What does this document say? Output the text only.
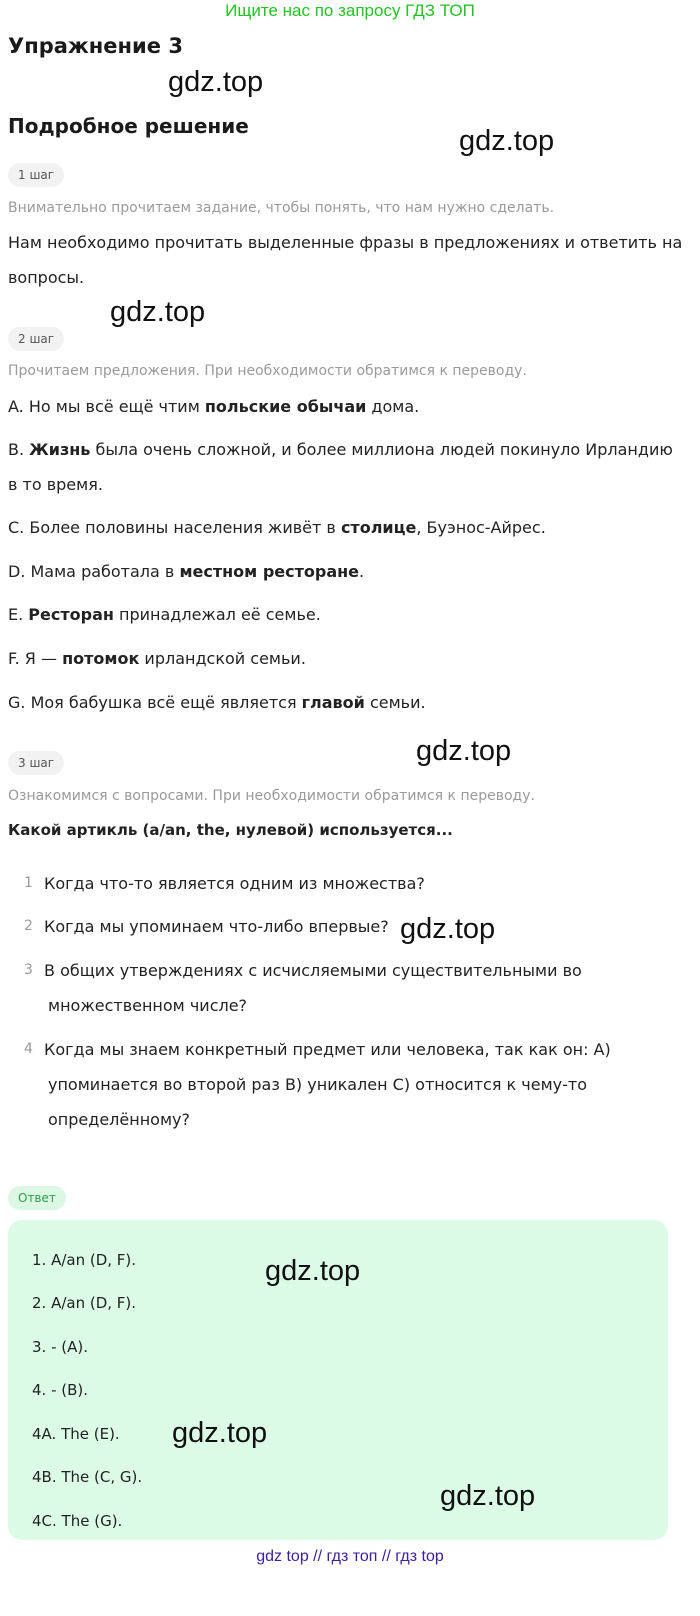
Ищите нас по запросу ГДЗ ТОП
Упражнение 3
gdz.top
Подробное решение	gdz.top
1 шаг
Внимательно прочитаем задание, чтобы понять, что нам нужно сделать.
Нам необходимо прочитать выделенные фразы в предложениях и ответить на вопросы.
gdz.top
2 шаг
Прочитаем предложения. При необходимости обратимся к переводу.
A. Но мы всё ещё чтим польские обычаи дома.
B. Жизнь была очень сложной, и более миллиона людей покинуло Ирландию в то время.
C. Более половины населения живёт в столице, Буэнос-Айрес.
D. Мама работала в местном ресторане.
E. Ресторан принадлежал её семье.
F. Я — потомок ирландской семьи.
G. Моя бабушка всё ещё является главой семьи.
gdz.top
3 шаг
Ознакомимся с вопросами. При необходимости обратимся к переводу.
Какой артикль (a/an, the, нулевой) используется...
1 Когда что-то является одним из множества?
2 Когда мы упоминаем что-либо впервые? gdz.top
3 В общих утверждениях с исчисляемыми существительными во
множественном числе?
4 Когда мы знаем конкретный предмет или человека, так как он: A)
упоминается во второй раз B) уникален C) относится к чему-то
определённому?
Ответ
1. A/an (D, F).
2. A/an (D, F).
3. - (A).
4. - (B).
4A. The (E).
4B. The (C, G).
4C. The (G).
gdz.top
gdz.top
gdz.top
gdz top // гдз топ // гдз top
